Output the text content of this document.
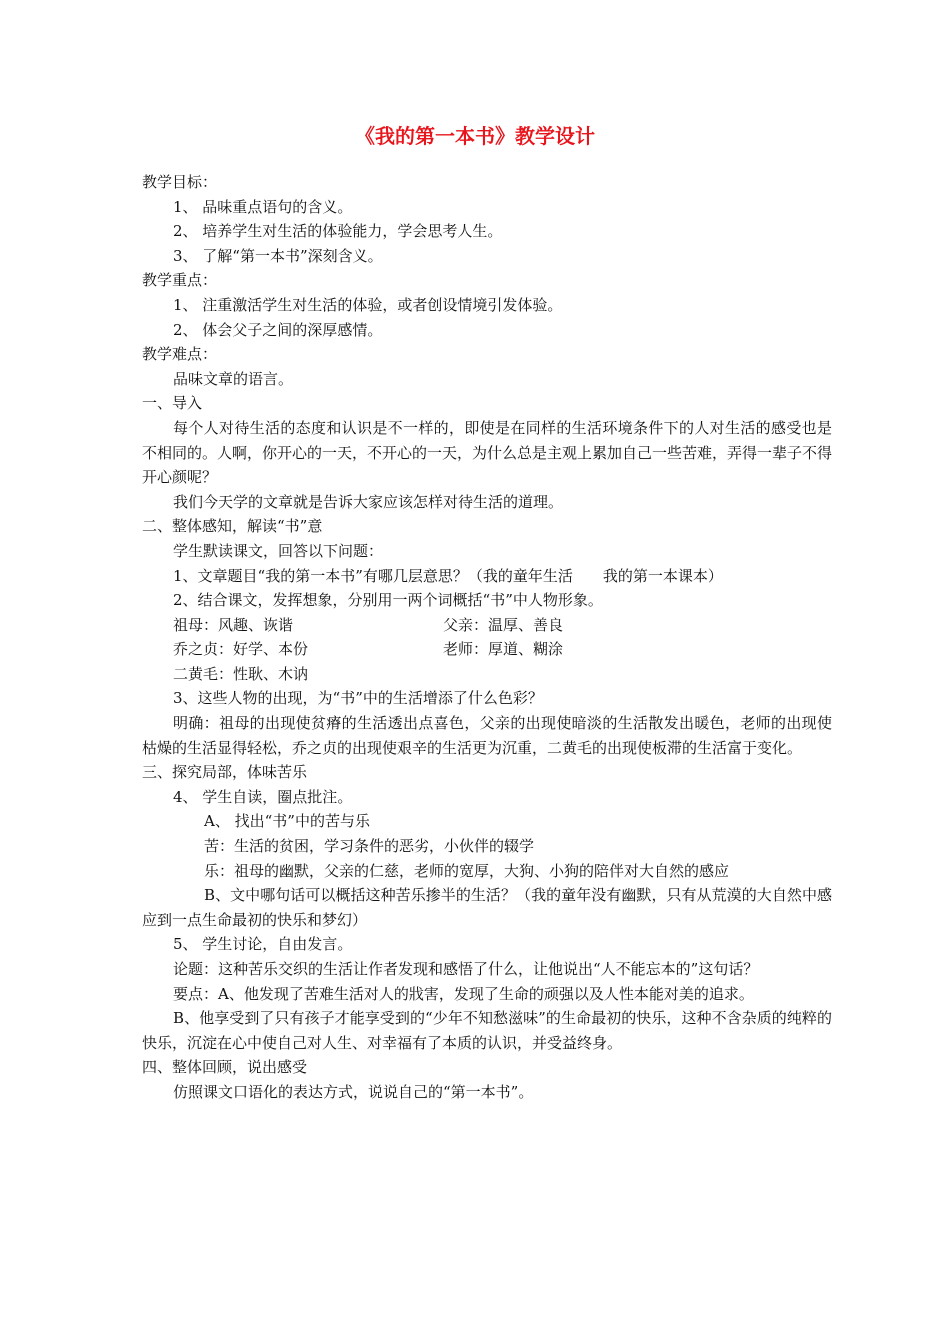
《我的第一本书》教学设计
教学目标：
1、 品味重点语句的含义。
2、 培养学生对生活的体验能力，学会思考人生。
3、 了解“第一本书”深刻含义。
教学重点：
1、 注重激活学生对生活的体验，或者创设情境引发体验。
2、 体会父子之间的深厚感情。
教学难点：
品味文章的语言。
一、导入
每个人对待生活的态度和认识是不一样的，即使是在同样的生活环境条件下的人对生活的感受也是不相同的。人啊，你开心的一天，不开心的一天，为什么总是主观上累加自己一些苦难，弄得一辈子不得开心颜呢？
我们今天学的文章就是告诉大家应该怎样对待生活的道理。
二、整体感知，解读“书”意
学生默读课文，回答以下问题：
1、文章题目“我的第一本书”有哪几层意思？（我的童年生活　　我的第一本课本）
2、结合课文，发挥想象，分别用一两个词概括“书”中人物形象。
祖母：风趣、诙谐	父亲：温厚、善良
乔之贞：好学、本份	老师：厚道、糊涂
二黄毛：性耿、木讷
3、这些人物的出现，为“书”中的生活增添了什么色彩？
明确：祖母的出现使贫瘠的生活透出点喜色，父亲的出现使暗淡的生活散发出暖色，老师的出现使枯燥的生活显得轻松，乔之贞的出现使艰辛的生活更为沉重，二黄毛的出现使板滞的生活富于变化。
三、探究局部，体味苦乐
4、 学生自读，圈点批注。
A、 找出“书”中的苦与乐
苦：生活的贫困，学习条件的恶劣，小伙伴的辍学
乐：祖母的幽默，父亲的仁慈，老师的宽厚，大狗、小狗的陪伴对大自然的感应
B、文中哪句话可以概括这种苦乐掺半的生活？（我的童年没有幽默，只有从荒漠的大自然中感应到一点生命最初的快乐和梦幻）
5、 学生讨论，自由发言。
论题：这种苦乐交织的生活让作者发现和感悟了什么，让他说出“人不能忘本的”这句话？
要点：A、他发现了苦难生活对人的戕害，发现了生命的顽强以及人性本能对美的追求。
B、他享受到了只有孩子才能享受到的“少年不知愁滋味”的生命最初的快乐，这种不含杂质的纯粹的快乐，沉淀在心中使自己对人生、对幸福有了本质的认识，并受益终身。
四、整体回顾，说出感受
仿照课文口语化的表达方式，说说自己的“第一本书”。
